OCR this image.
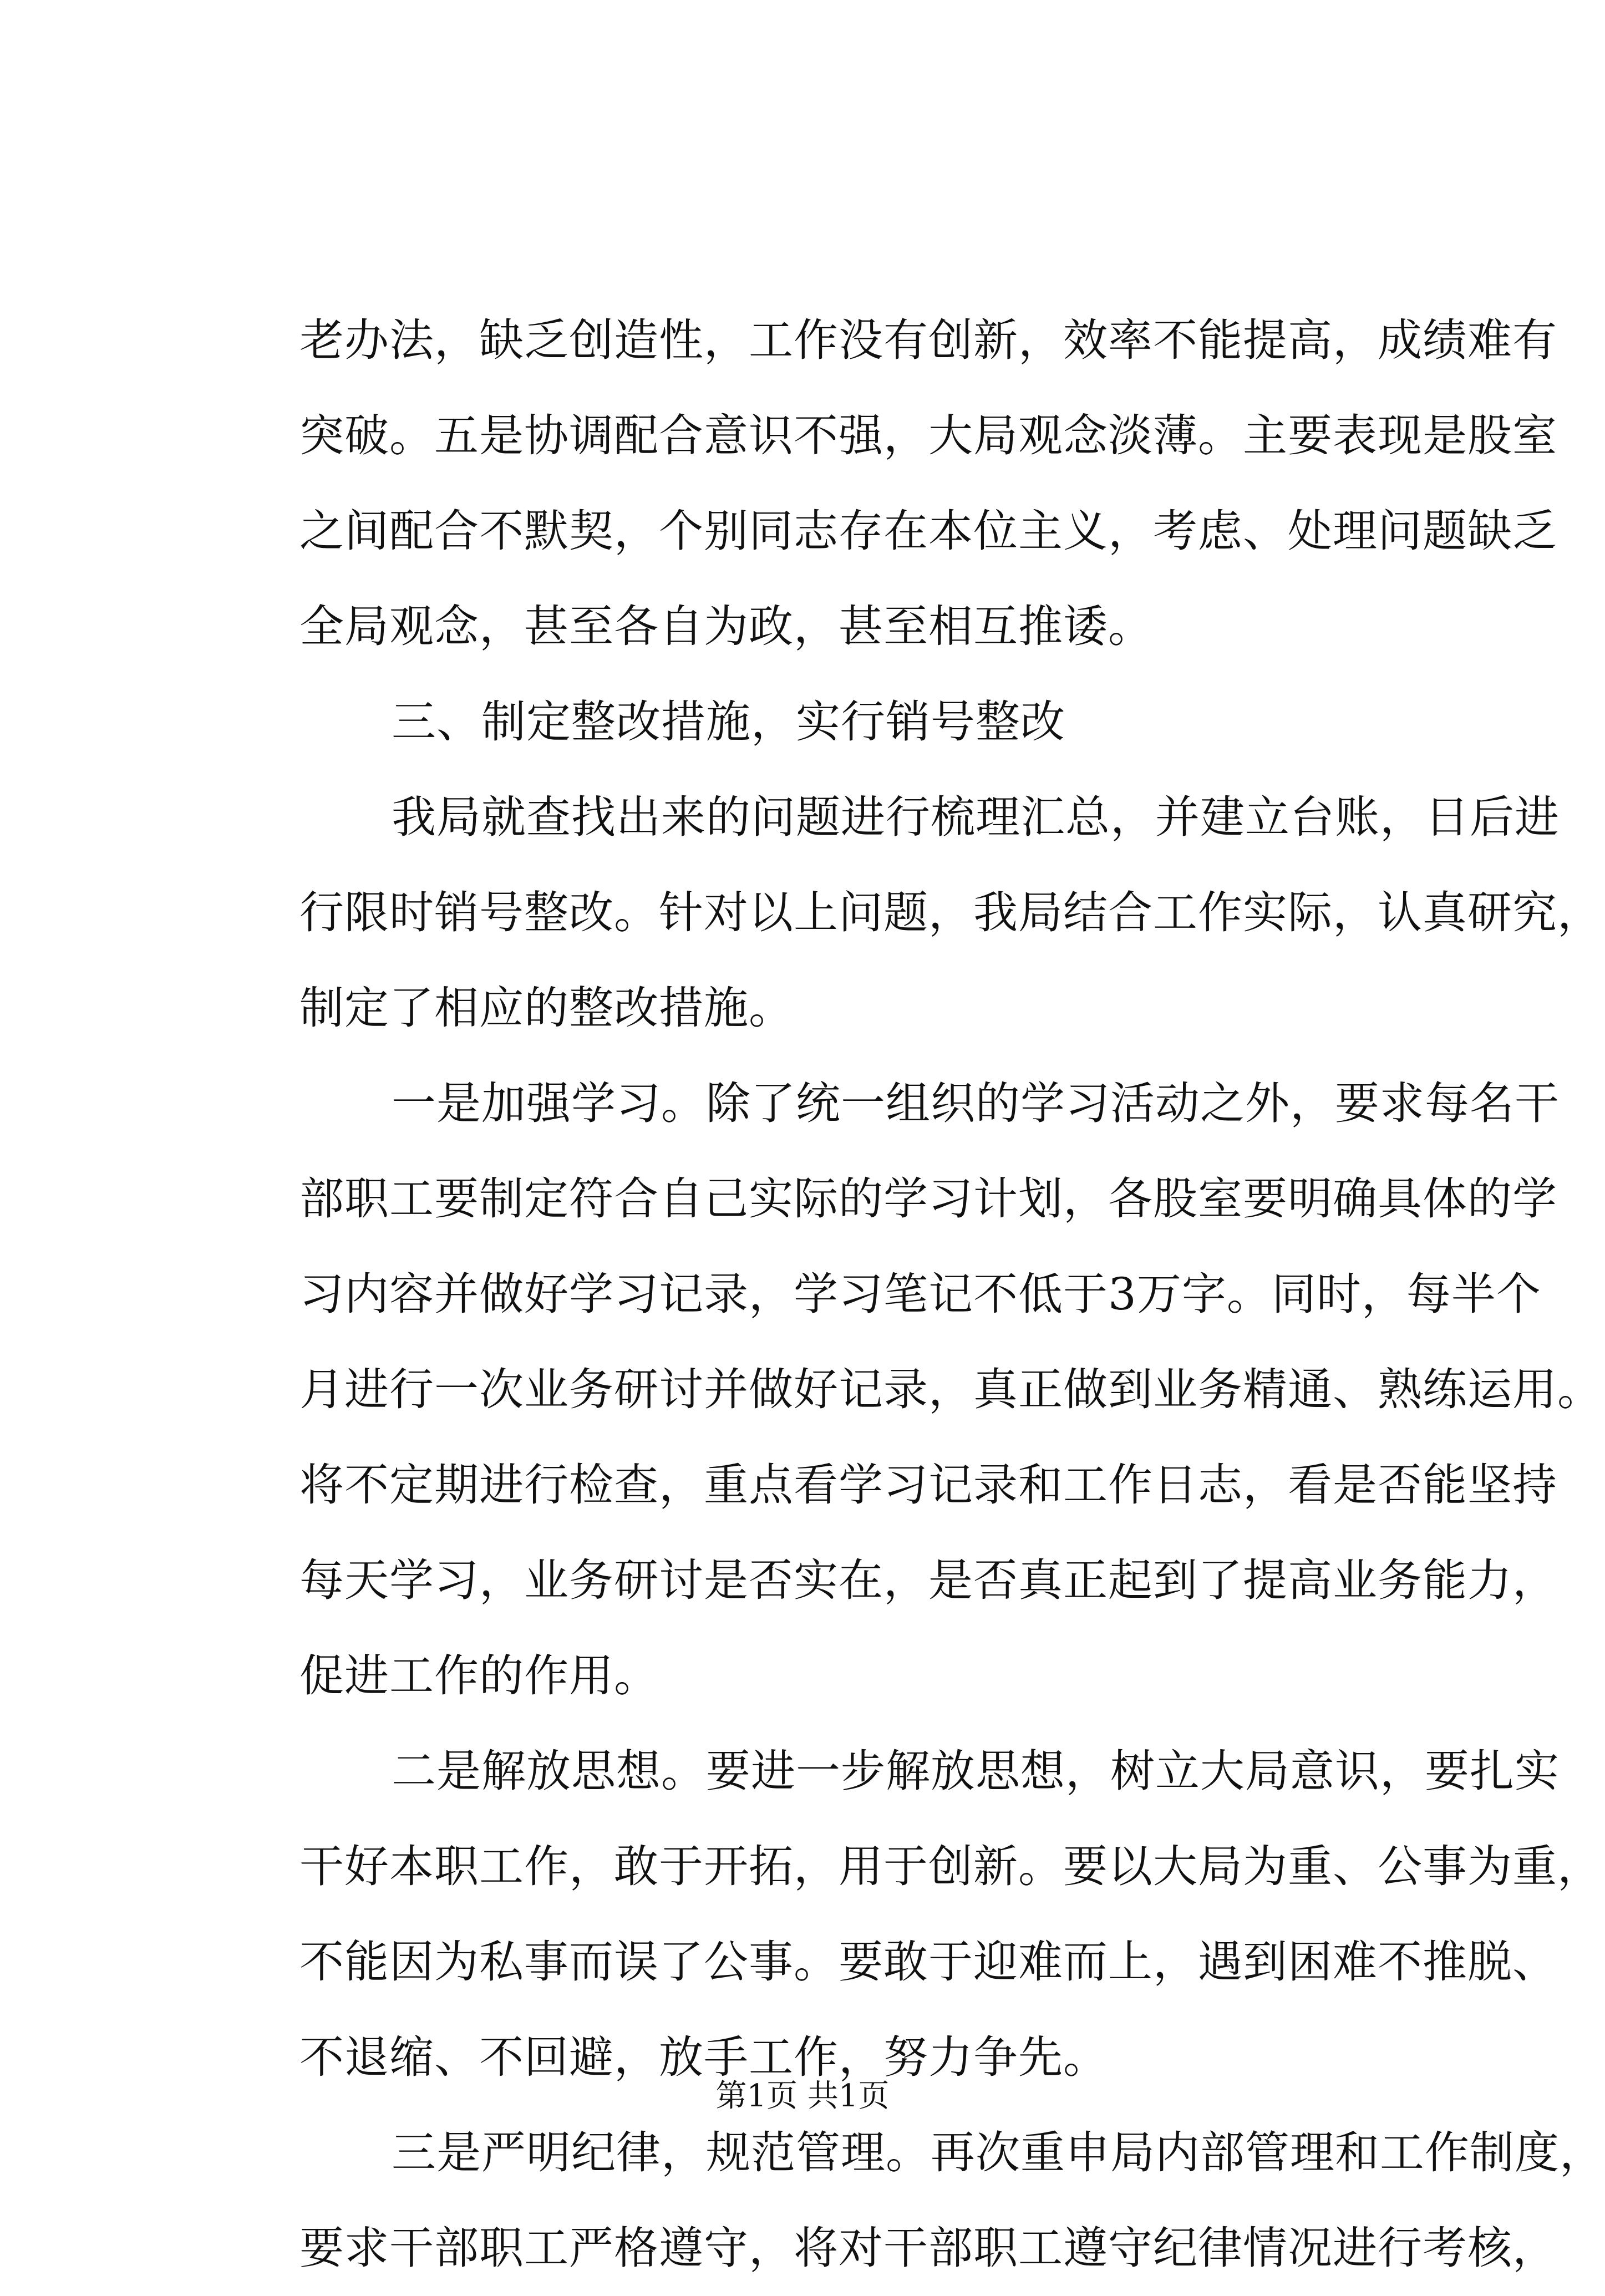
老办法，缺乏创造性，工作没有创新，效率不能提高，成绩难有
突破。五是协调配合意识不强，大局观念淡薄。主要表现是股室
之间配合不默契，个别同志存在本位主义，考虑、处理问题缺乏
全局观念，甚至各自为政，甚至相互推诿。
三、制定整改措施，实行销号整改
我局就查找出来的问题进行梳理汇总，并建立台账，日后进
行限时销号整改。针对以上问题，我局结合工作实际，认真研究，
制定了相应的整改措施。
一是加强学习。除了统一组织的学习活动之外，要求每名干
部职工要制定符合自己实际的学习计划，各股室要明确具体的学
习内容并做好学习记录，学习笔记不低于3万字。同时，每半个
月进行一次业务研讨并做好记录，真正做到业务精通、熟练运用。
将不定期进行检查，重点看学习记录和工作日志，看是否能坚持
每天学习，业务研讨是否实在，是否真正起到了提高业务能力，
促进工作的作用。
二是解放思想。要进一步解放思想，树立大局意识，要扎实
干好本职工作，敢于开拓，用于创新。要以大局为重、公事为重，
不能因为私事而误了公事。要敢于迎难而上，遇到困难不推脱、
不退缩、不回避，放手工作，努力争先。
三是严明纪律，规范管理。再次重申局内部管理和工作制度，
要求干部职工严格遵守，将对干部职工遵守纪律情况进行考核，
第1页 共1页
